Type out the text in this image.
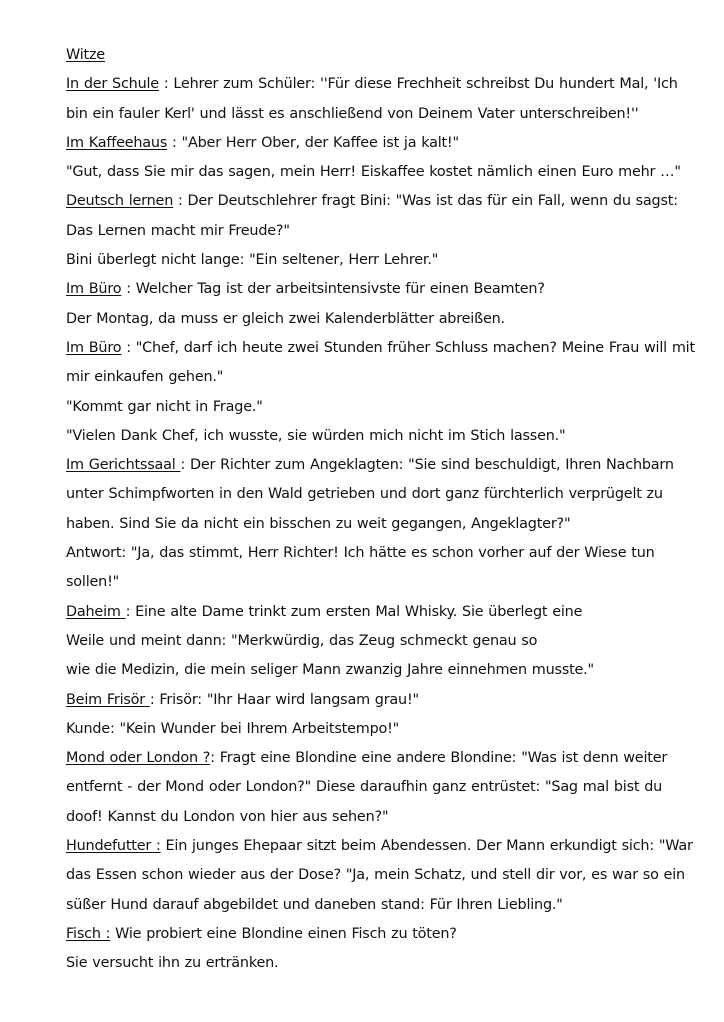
Witze
In der Schule : Lehrer zum Schüler: ''Für diese Frechheit schreibst Du hundert Mal, 'Ich
bin ein fauler Kerl' und lässt es anschließend von Deinem Vater unterschreiben!''
Im Kaffeehaus : "Aber Herr Ober, der Kaffee ist ja kalt!"
"Gut, dass Sie mir das sagen, mein Herr! Eiskaffee kostet nämlich einen Euro mehr …"
Deutsch lernen : Der Deutschlehrer fragt Bini: "Was ist das für ein Fall, wenn du sagst:
Das Lernen macht mir Freude?"
Bini überlegt nicht lange: "Ein seltener, Herr Lehrer."
Im Büro : Welcher Tag ist der arbeitsintensivste für einen Beamten?
Der Montag, da muss er gleich zwei Kalenderblätter abreißen.
Im Büro : "Chef, darf ich heute zwei Stunden früher Schluss machen? Meine Frau will mit
mir einkaufen gehen."
"Kommt gar nicht in Frage."
"Vielen Dank Chef, ich wusste, sie würden mich nicht im Stich lassen."
Im Gerichtssaal : Der Richter zum Angeklagten: "Sie sind beschuldigt, Ihren Nachbarn
unter Schimpfworten in den Wald getrieben und dort ganz fürchterlich verprügelt zu
haben. Sind Sie da nicht ein bisschen zu weit gegangen, Angeklagter?"
Antwort: "Ja, das stimmt, Herr Richter! Ich hätte es schon vorher auf der Wiese tun
sollen!"
Daheim : Eine alte Dame trinkt zum ersten Mal Whisky. Sie überlegt eine
Weile und meint dann: "Merkwürdig, das Zeug schmeckt genau so
wie die Medizin, die mein seliger Mann zwanzig Jahre einnehmen musste."
Beim Frisör : Frisör: "Ihr Haar wird langsam grau!"
Kunde: "Kein Wunder bei Ihrem Arbeitstempo!"
Mond oder London ?: Fragt eine Blondine eine andere Blondine: "Was ist denn weiter
entfernt - der Mond oder London?" Diese daraufhin ganz entrüstet: "Sag mal bist du
doof! Kannst du London von hier aus sehen?"
Hundefutter : Ein junges Ehepaar sitzt beim Abendessen. Der Mann erkundigt sich: "War
das Essen schon wieder aus der Dose? "Ja, mein Schatz, und stell dir vor, es war so ein
süßer Hund darauf abgebildet und daneben stand: Für Ihren Liebling."
Fisch : Wie probiert eine Blondine einen Fisch zu töten?
Sie versucht ihn zu ertränken.
